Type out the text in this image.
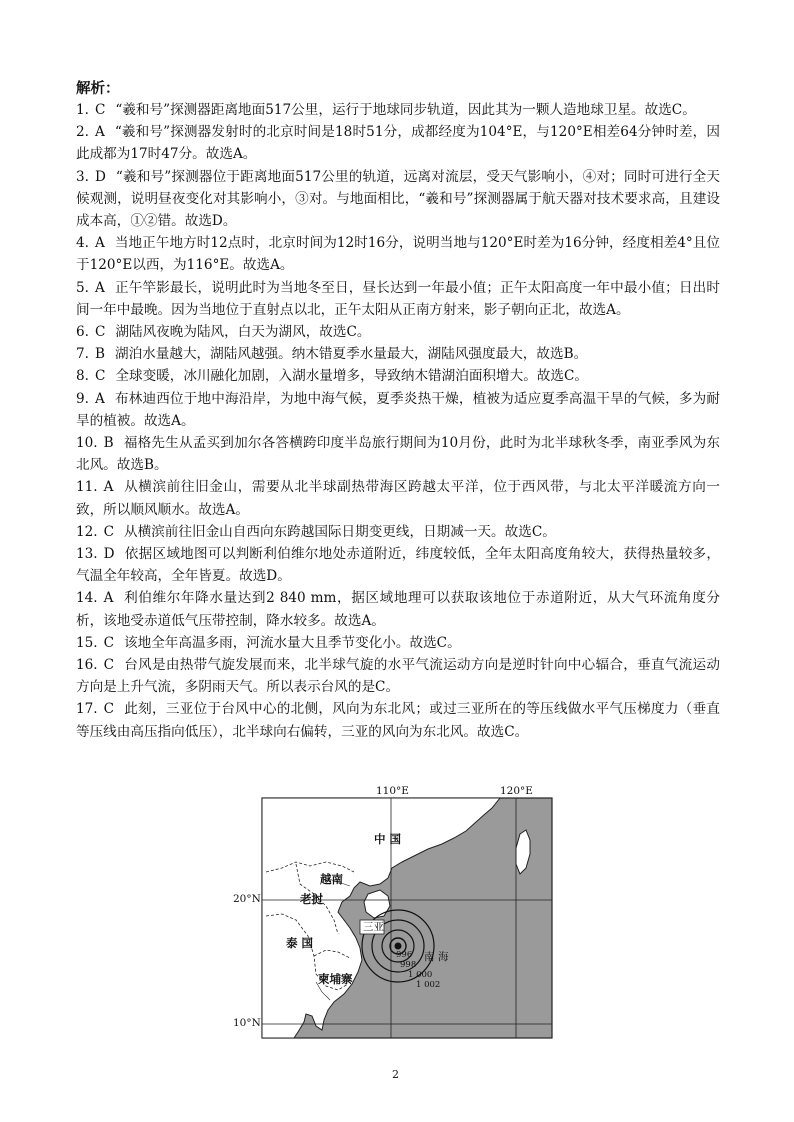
解析：

1. C “羲和号”探测器距离地面517公里，运行于地球同步轨道，因此其为一颗人造地球卫星。故选C。

2. A “羲和号”探测器发射时的北京时间是18时51分，成都经度为104°E，与120°E相差64分钟时差，因此成都为17时47分。故选A。

3. D “羲和号”探测器位于距离地面517公里的轨道，远离对流层，受天气影响小，④对；同时可进行全天候观测，说明昼夜变化对其影响小，③对。与地面相比，“羲和号”探测器属于航天器对技术要求高，且建设成本高，①②错。故选D。

4. A 当地正午地方时12点时，北京时间为12时16分，说明当地与120°E时差为16分钟，经度相差4°且位于120°E以西，为116°E。故选A。

5. A 正午竿影最长，说明此时为当地冬至日，昼长达到一年最小值；正午太阳高度一年中最小值；日出时间一年中最晚。因为当地位于直射点以北，正午太阳从正南方射来，影子朝向正北，故选A。

6. C 湖陆风夜晚为陆风，白天为湖风，故选C。

7. B 湖泊水量越大，湖陆风越强。纳木错夏季水量最大，湖陆风强度最大，故选B。

8. C 全球变暖，冰川融化加剧，入湖水量增多，导致纳木错湖泊面积增大。故选C。

9. A 布林迪西位于地中海沿岸，为地中海气候，夏季炎热干燥，植被为适应夏季高温干旱的气候，多为耐旱的植被。故选A。

10. B 福格先生从孟买到加尔各答横跨印度半岛旅行期间为10月份，此时为北半球秋冬季，南亚季风为东北风。故选B。

11. A 从横滨前往旧金山，需要从北半球副热带海区跨越太平洋，位于西风带，与北太平洋暖流方向一致，所以顺风顺水。故选A。

12. C 从横滨前往旧金山自西向东跨越国际日期变更线，日期减一天。故选C。

13. D 依据区域地图可以判断利伯维尔地处赤道附近，纬度较低，全年太阳高度角较大，获得热量较多，气温全年较高，全年皆夏。故选D。

14. A 利伯维尔年降水量达到2 840 mm，据区域地理可以获取该地位于赤道附近，从大气环流角度分析，该地受赤道低气压带控制，降水较多。故选A。

15. C 该地全年高温多雨，河流水量大且季节变化小。故选C。

16. C 台风是由热带气旋发展而来，北半球气旋的水平气流运动方向是逆时针向中心辐合，垂直气流运动方向是上升气流，多阴雨天气。所以表示台风的是C。

17. C 此刻，三亚位于台风中心的北侧，风向为东北风；或过三亚所在的等压线做水平气压梯度力（垂直等压线由高压指向低压），北半球向右偏转，三亚的风向为东北风。故选C。

110°E	120°E
20°N
10°N
中 国
越南
老挝
泰 国
柬埔寨
三亚
南 海
996
998
1 000
1 002
2
